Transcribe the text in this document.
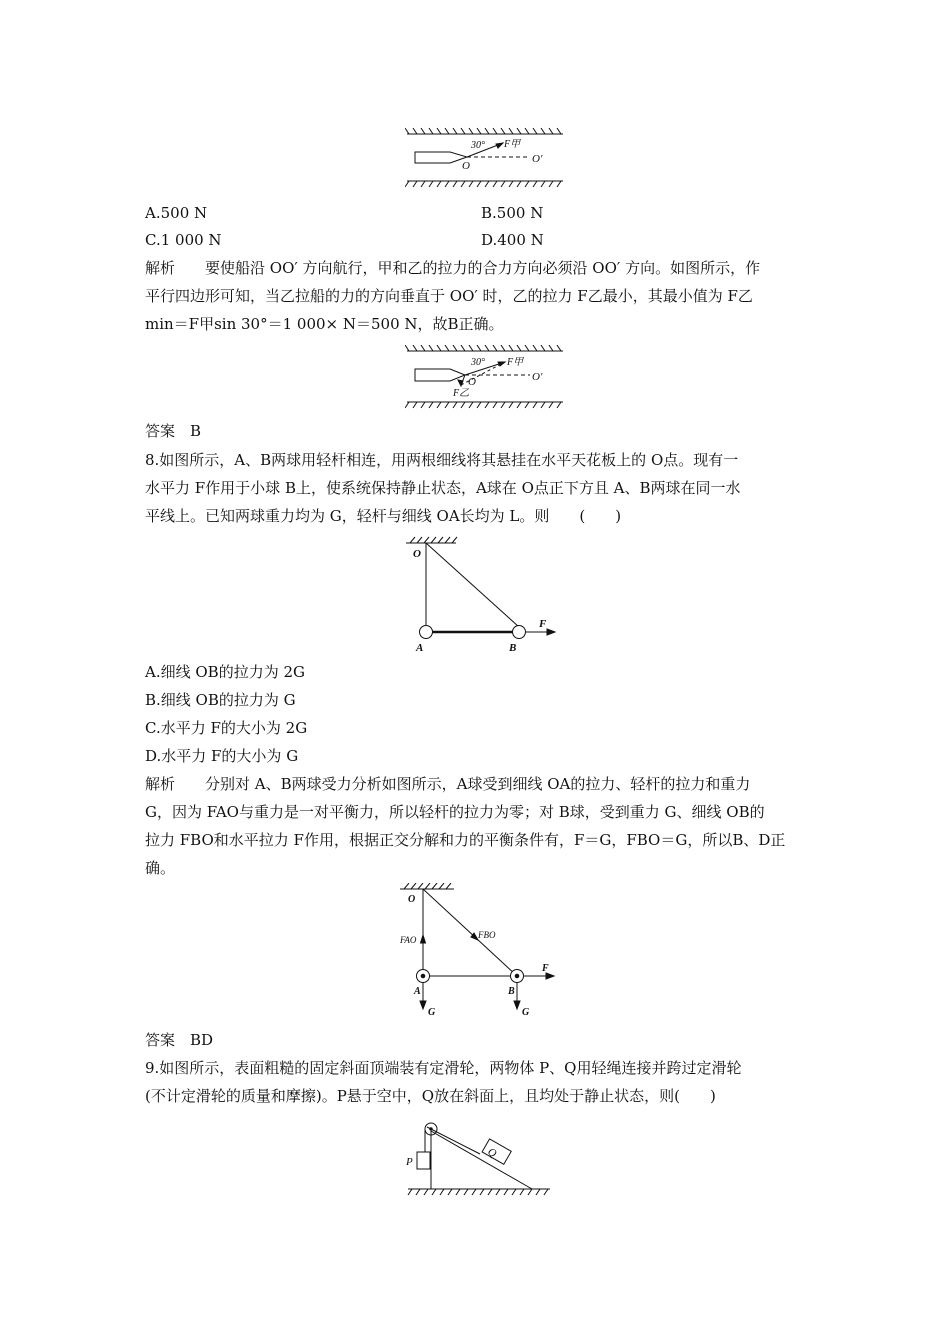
30° F甲
O
O′
A.500 N	B.500 N
C.1 000 N	D.400 N
解析　　要使船沿 OO′ 方向航行，甲和乙的拉力的合力方向必须沿 OO′ 方向。如图所示，作
平行四边形可知，当乙拉船的力的方向垂直于 OO′ 时，乙的拉力 F乙最小，其最小值为 F乙
min＝F甲sin 30°＝1 000× N＝500 N，故B正确。
30° F甲
O
F乙
O′
答案　B
8.如图所示，A、B两球用轻杆相连，用两根细线将其悬挂在水平天花板上的 O点。现有一
水平力 F作用于小球 B上，使系统保持静止状态，A球在 O点正下方且 A、B两球在同一水
平线上。已知两球重力均为 G，轻杆与细线 OA长均为 L。则　　(　　)
O
A	B
F
A.细线 OB的拉力为 2G
B.细线 OB的拉力为 G
C.水平力 F的大小为 2G
D.水平力 F的大小为 G
解析　　分别对 A、B两球受力分析如图所示，A球受到细线 OA的拉力、轻杆的拉力和重力
G，因为 FAO与重力是一对平衡力，所以轻杆的拉力为零；对 B球，受到重力 G、细线 OB的
拉力 FBO和水平拉力 F作用，根据正交分解和力的平衡条件有，F＝G，FBO＝G，所以B、D正
确。
O
FAO	FBO
A	B
F
G	G
答案　BD
9.如图所示，表面粗糙的固定斜面顶端装有定滑轮，两物体 P、Q用轻绳连接并跨过定滑轮
(不计定滑轮的质量和摩擦)。P悬于空中，Q放在斜面上，且均处于静止状态，则(　　)
P
Q
